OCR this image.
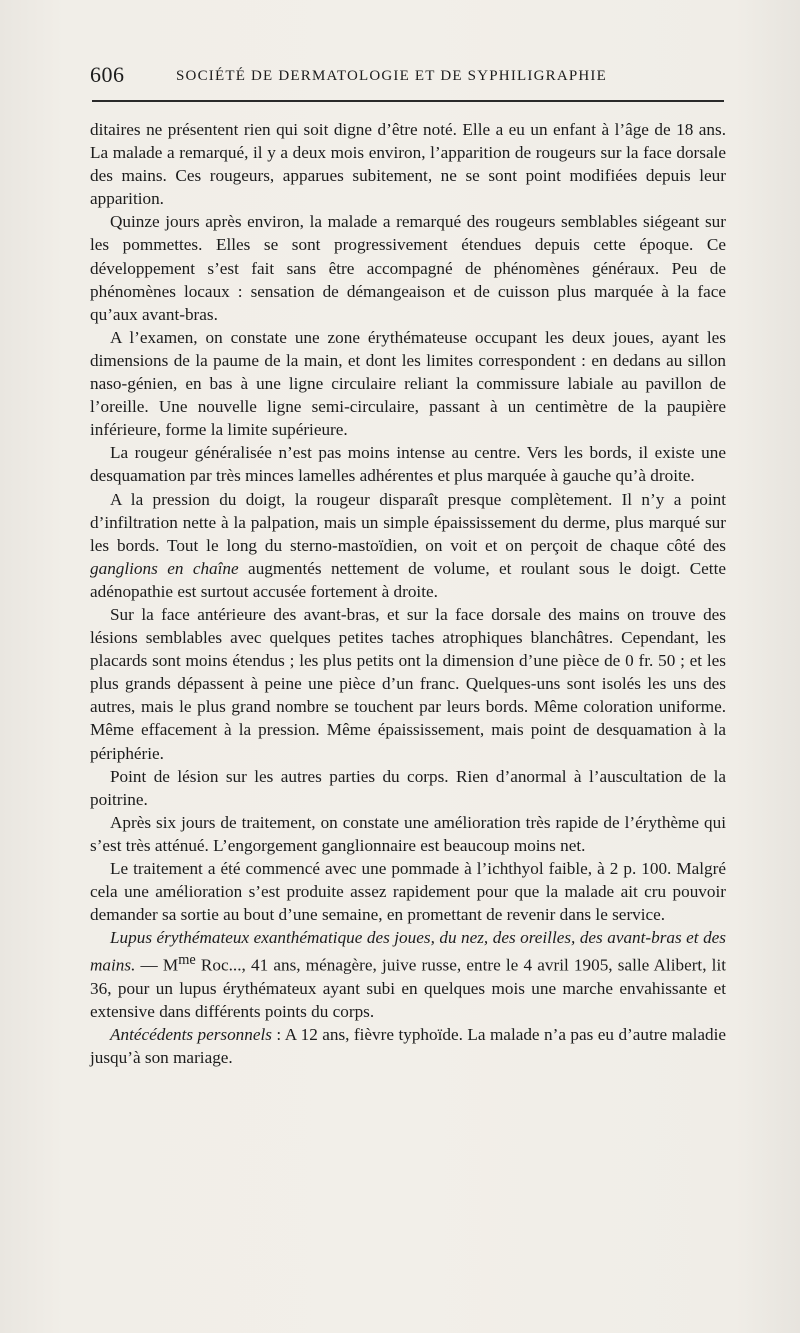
606	SOCIÉTÉ DE DERMATOLOGIE ET DE SYPHILIGRAPHIE

ditaires ne présentent rien qui soit digne d’être noté. Elle a eu un enfant à l’âge de 18 ans. La malade a remarqué, il y a deux mois environ, l’apparition de rougeurs sur la face dorsale des mains. Ces rougeurs, apparues subitement, ne se sont point modifiées depuis leur apparition.

Quinze jours après environ, la malade a remarqué des rougeurs semblables siégeant sur les pommettes. Elles se sont progressivement étendues depuis cette époque. Ce développement s’est fait sans être accompagné de phénomènes généraux. Peu de phénomènes locaux : sensation de démangeaison et de cuisson plus marquée à la face qu’aux avant-bras.

A l’examen, on constate une zone érythémateuse occupant les deux joues, ayant les dimensions de la paume de la main, et dont les limites correspondent : en dedans au sillon naso-génien, en bas à une ligne circulaire reliant la commissure labiale au pavillon de l’oreille. Une nouvelle ligne semi-circulaire, passant à un centimètre de la paupière inférieure, forme la limite supérieure.

La rougeur généralisée n’est pas moins intense au centre. Vers les bords, il existe une desquamation par très minces lamelles adhérentes et plus marquée à gauche qu’à droite.

A la pression du doigt, la rougeur disparaît presque complètement. Il n’y a point d’infiltration nette à la palpation, mais un simple épaississement du derme, plus marqué sur les bords. Tout le long du sterno-mastoïdien, on voit et on perçoit de chaque côté des ganglions en chaîne augmentés nettement de volume, et roulant sous le doigt. Cette adénopathie est surtout accusée fortement à droite.

Sur la face antérieure des avant-bras, et sur la face dorsale des mains on trouve des lésions semblables avec quelques petites taches atrophiques blanchâtres. Cependant, les placards sont moins étendus ; les plus petits ont la dimension d’une pièce de 0 fr. 50 ; et les plus grands dépassent à peine une pièce d’un franc. Quelques-uns sont isolés les uns des autres, mais le plus grand nombre se touchent par leurs bords. Même coloration uniforme. Même effacement à la pression. Même épaississement, mais point de desquamation à la périphérie.

Point de lésion sur les autres parties du corps. Rien d’anormal à l’auscultation de la poitrine.

Après six jours de traitement, on constate une amélioration très rapide de l’érythème qui s’est très atténué. L’engorgement ganglionnaire est beaucoup moins net.

Le traitement a été commencé avec une pommade à l’ichthyol faible, à 2 p. 100. Malgré cela une amélioration s’est produite assez rapidement pour que la malade ait cru pouvoir demander sa sortie au bout d’une semaine, en promettant de revenir dans le service.

Lupus érythémateux exanthématique des joues, du nez, des oreilles, des avant-bras et des mains. — $M^{me}$ Roc..., 41 ans, ménagère, juive russe, entre le 4 avril 1905, salle Alibert, lit 36, pour un lupus érythémateux ayant subi en quelques mois une marche envahissante et extensive dans différents points du corps.

Antécédents personnels : A 12 ans, fièvre typhoïde. La malade n’a pas eu d’autre maladie jusqu’à son mariage.
